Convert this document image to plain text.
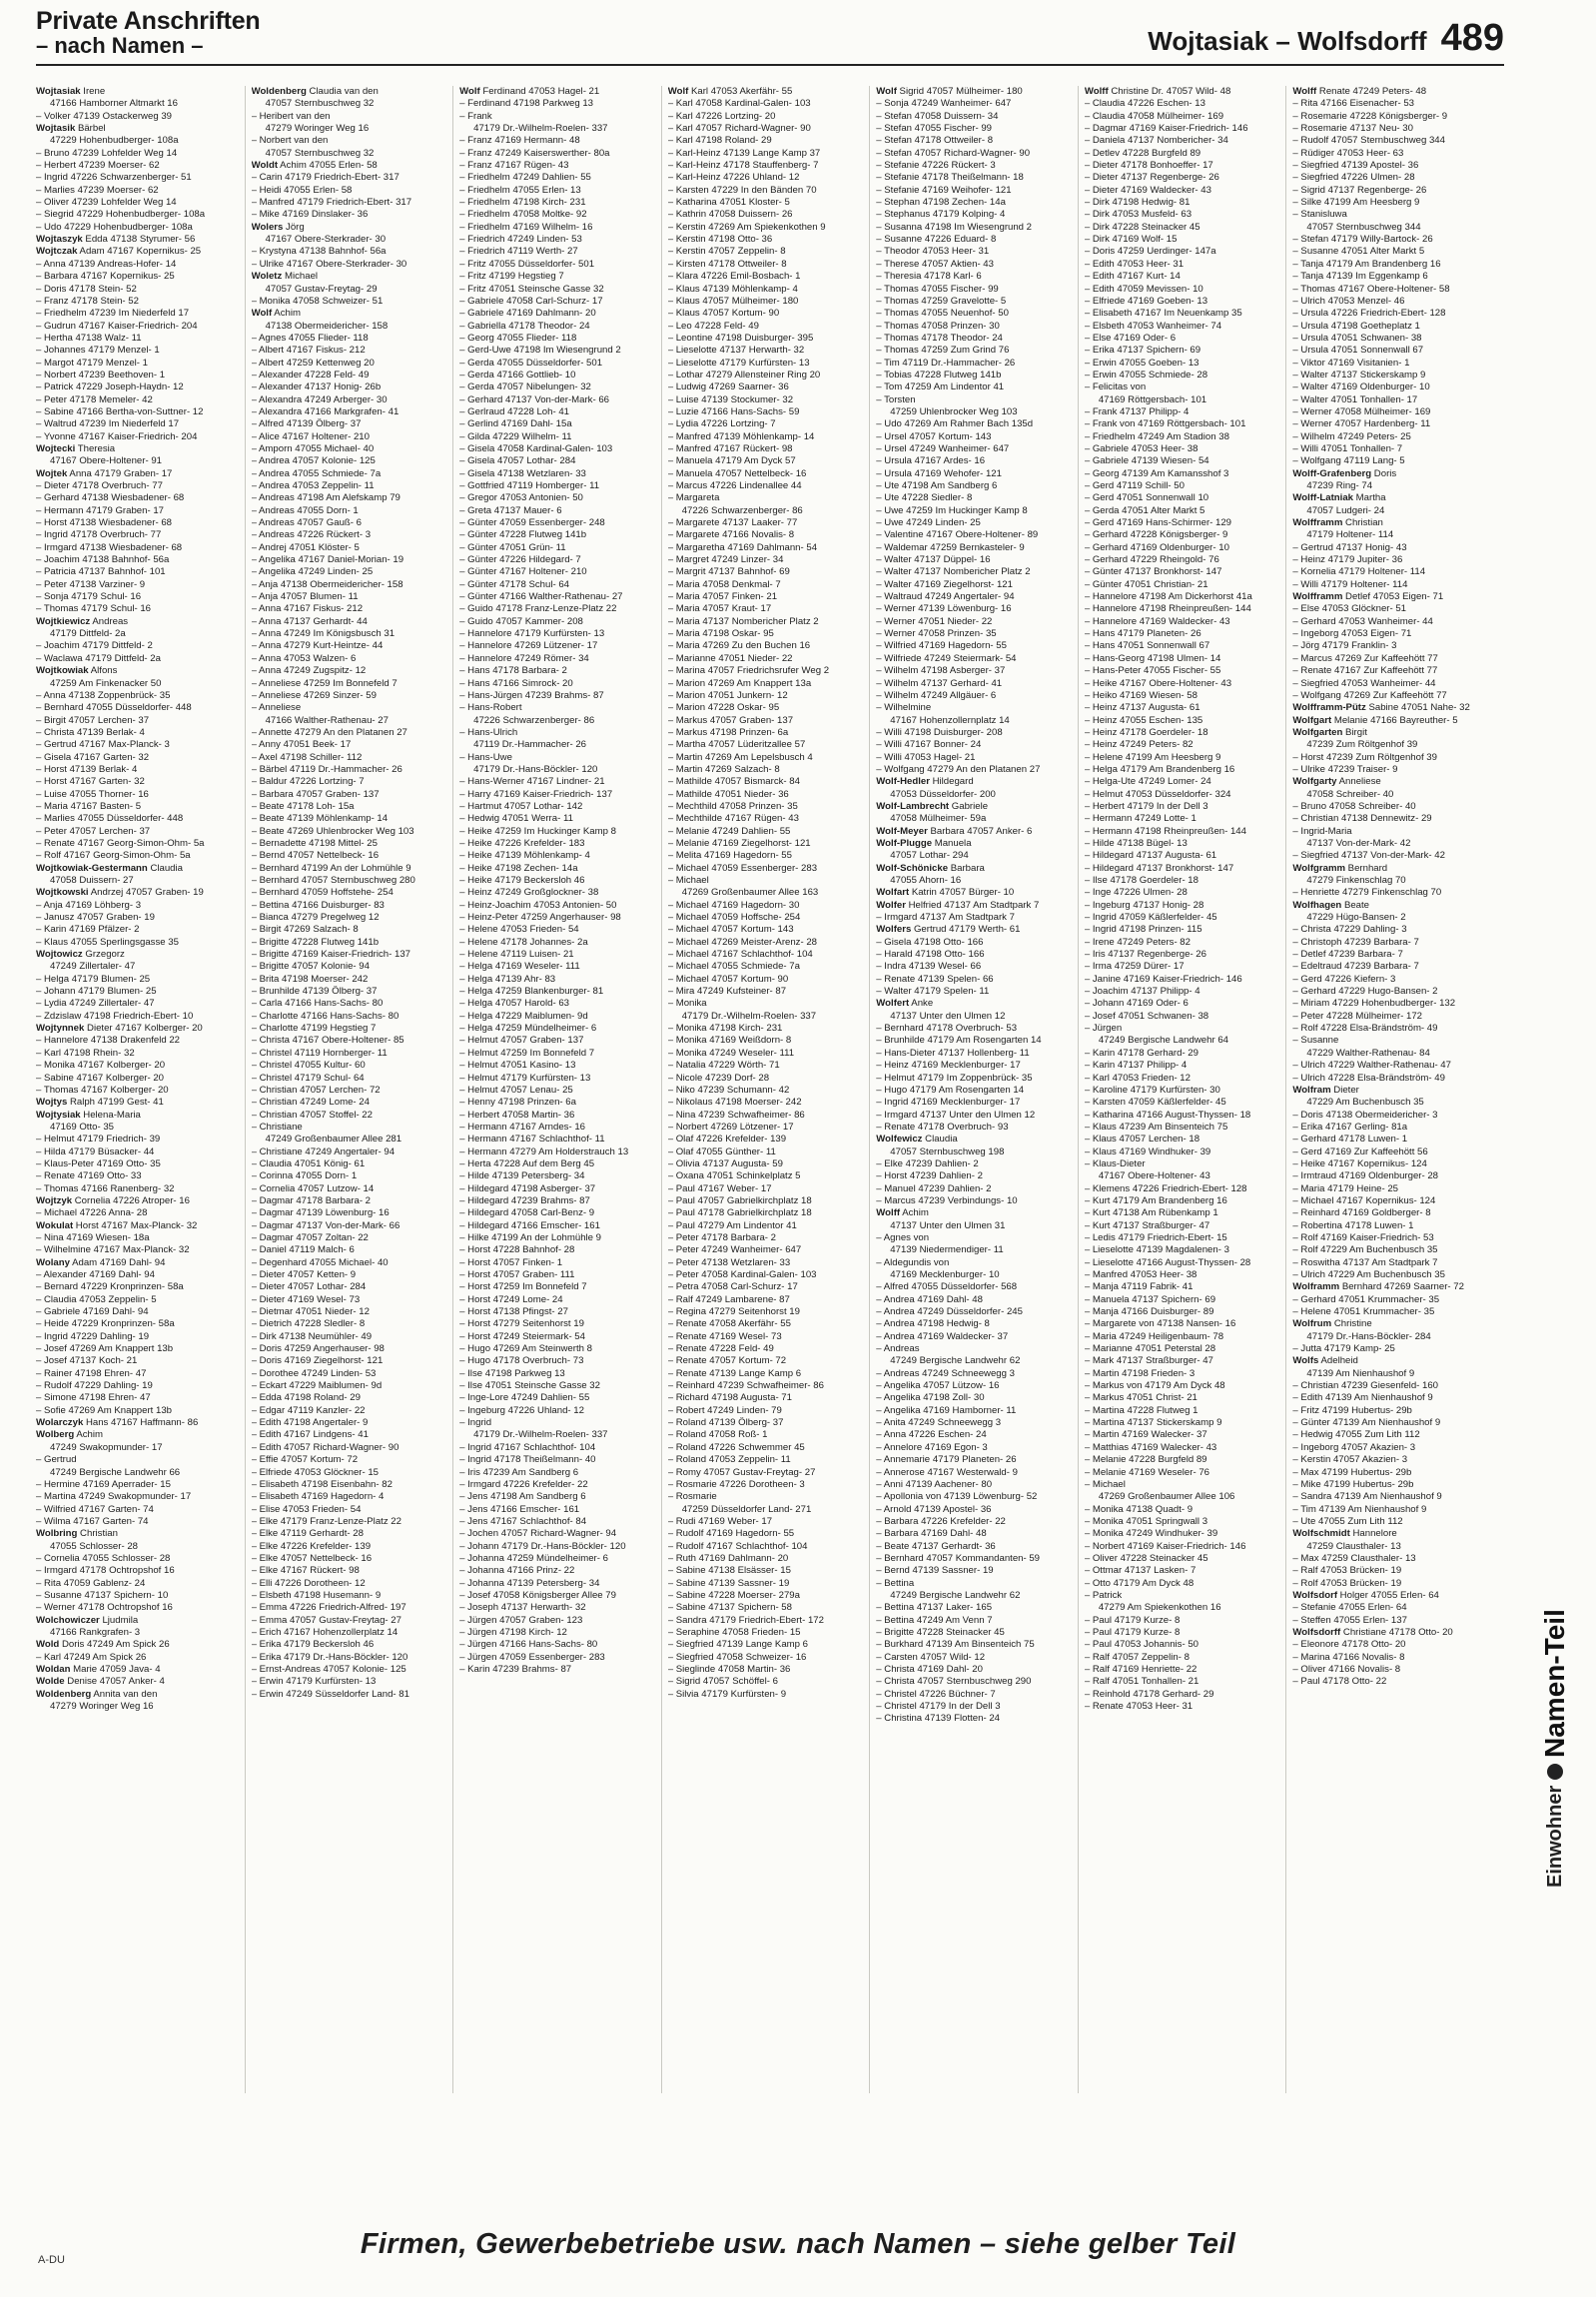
Private Anschriften
– nach Namen –	Wojtasiak – Wolfsdorff 489
Wojtasiak Irene
47166 Hamborner Altmarkt 16
– Volker 47139 Ostackerweg 39
Wojtasik Bärbel
47229 Hohenbudberger- 108a
– Bruno 47239 Lohfelder Weg 14
– Herbert 47239 Moerser- 62
– Ingrid 47226 Schwarzenberger- 51
– Marlies 47239 Moerser- 62
– Oliver 47239 Lohfelder Weg 14
– Siegrid 47229 Hohenbudberger- 108a
– Udo 47229 Hohenbudberger- 108a
Wojtaszyk Edda 47138 Styrumer- 56
Wojtczak Adam 47167 Kopernikus- 25
– Anna 47139 Andreas-Hofer- 14
– Barbara 47167 Kopernikus- 25
– Doris 47178 Stein- 52
– Franz 47178 Stein- 52
– Friedhelm 47239 Im Niederfeld 17
– Gudrun 47167 Kaiser-Friedrich- 204
– Hertha 47138 Walz- 11
– Johannes 47179 Menzel- 1
– Margot 47179 Menzel- 1
– Norbert 47239 Beethoven- 1
– Patrick 47229 Joseph-Haydn- 12
– Peter 47178 Memeler- 42
– Sabine 47166 Bertha-von-Suttner- 12
– Waltrud 47239 Im Niederfeld 17
– Yvonne 47167 Kaiser-Friedrich- 204
Wojtecki Theresia
47167 Obere-Holtener- 91
Wojtek Anna 47179 Graben- 17
– Dieter 47178 Overbruch- 77
– Gerhard 47138 Wiesbadener- 68
– Hermann 47179 Graben- 17
– Horst 47138 Wiesbadener- 68
– Ingrid 47178 Overbruch- 77
– Irmgard 47138 Wiesbadener- 68
– Joachim 47138 Bahnhof- 56a
– Patricia 47137 Bahnhof- 101
– Peter 47138 Varziner- 9
– Sonja 47179 Schul- 16
– Thomas 47179 Schul- 16
Wojtkiewicz Andreas
47179 Dittfeld- 2a
– Joachim 47179 Dittfeld- 2
– Waclawa 47179 Dittfeld- 2a
Wojtkowiak Alfons
47259 Am Finkenacker 50
– Anna 47138 Zoppenbrück- 35
– Bernhard 47055 Düsseldorfer- 448
– Birgit 47057 Lerchen- 37
– Christa 47139 Berlak- 4
– Gertrud 47167 Max-Planck- 3
– Gisela 47167 Garten- 32
– Horst 47139 Berlak- 4
– Horst 47167 Garten- 32
– Luise 47055 Thorner- 16
– Maria 47167 Basten- 5
– Marlies 47055 Düsseldorfer- 448
– Peter 47057 Lerchen- 37
– Renate 47167 Georg-Simon-Ohm- 5a
– Rolf 47167 Georg-Simon-Ohm- 5a
Wojtkowiak-Gestermann Claudia
47058 Duissern- 27
Wojtkowski Andrzej 47057 Graben- 19
– Anja 47169 Löhberg- 3
– Janusz 47057 Graben- 19
– Karin 47169 Pfälzer- 2
– Klaus 47055 Sperlingsgasse 35
Wojtowicz Grzegorz
47249 Zillertaler- 47
– Helga 47179 Blumen- 25
– Johann 47179 Blumen- 25
– Lydia 47249 Zillertaler- 47
– Zdzislaw 47198 Friedrich-Ebert- 10
Wojtynnek Dieter 47167 Kolberger- 20
– Hannelore 47138 Drakenfeld 22
– Karl 47198 Rhein- 32
– Monika 47167 Kolberger- 20
– Sabine 47167 Kolberger- 20
– Thomas 47167 Kolberger- 20
Wojtys Ralph 47199 Gest- 41
Wojtysiak Helena-Maria
47169 Otto- 35
– Helmut 47179 Friedrich- 39
– Hilda 47179 Büsacker- 44
– Klaus-Peter 47169 Otto- 35
– Renate 47169 Otto- 33
– Thomas 47166 Ranenberg- 32
Wojtzyk Cornelia 47226 Atroper- 16
– Michael 47226 Anna- 28
Wokulat Horst 47167 Max-Planck- 32
– Nina 47169 Wiesen- 18a
– Wilhelmine 47167 Max-Planck- 32
Wolany Adam 47169 Dahl- 94
– Alexander 47169 Dahl- 94
– Bernard 47229 Kronprinzen- 58a
– Claudia 47053 Zeppelin- 5
– Gabriele 47169 Dahl- 94
– Heide 47229 Kronprinzen- 58a
– Ingrid 47229 Dahling- 19
– Josef 47269 Am Knappert 13b
– Josef 47137 Koch- 21
– Rainer 47198 Ehren- 47
– Rudolf 47229 Dahling- 19
– Simone 47198 Ehren- 47
– Sofie 47269 Am Knappert 13b
Wolarczyk Hans 47167 Haffmann- 86
Wolberg Achim
47249 Swakopmunder- 17
– Gertrud
47249 Bergische Landwehr 66
– Hermine 47169 Aperrader- 15
– Martina 47249 Swakopmunder- 17
– Wilfried 47167 Garten- 74
– Wilma 47167 Garten- 74
Wolbring Christian
47055 Schlosser- 28
– Cornelia 47055 Schlosser- 28
– Irmgard 47178 Ochtropshof 16
– Rita 47059 Gablenz- 24
– Susanne 47137 Spichern- 10
– Werner 47178 Ochtropshof 16
Wolchowiczer Ljudmila
47166 Rankgrafen- 3
Wold Doris 47249 Am Spick 26
– Karl 47249 Am Spick 26
Woldan Marie 47059 Java- 4
Wolde Denise 47057 Anker- 4
Woldenberg Annita van den
47279 Woringer Weg 16
Woldenberg Claudia van den
47057 Sternbuschweg 32
– Heribert van den
47279 Woringer Weg 16
– Norbert van den
47057 Sternbuschweg 32
Woldt Achim 47055 Erlen- 58
– Carin 47179 Friedrich-Ebert- 317
– Heidi 47055 Erlen- 58
– Manfred 47179 Friedrich-Ebert- 317
– Mike 47169 Dinslaker- 36
Wolers Jörg
47167 Obere-Sterkrader- 30
– Krystyna 47138 Bahnhof- 56a
– Ulrike 47167 Obere-Sterkrader- 30
Woletz Michael
47057 Gustav-Freytag- 29
– Monika 47058 Schweizer- 51
Wolf Achim
47138 Obermeidericher- 158
– Agnes 47055 Flieder- 118
– Albert 47167 Fiskus- 212
– Albert 47259 Kettenweg 20
– Alexander 47228 Feld- 49
– Alexander 47137 Honig- 26b
– Alexandra 47249 Arberger- 30
– Alexandra 47166 Markgrafen- 41
– Alfred 47139 Ölberg- 37
– Alice 47167 Holtener- 210
– Amporn 47055 Michael- 40
– Andrea 47057 Kolonie- 125
– Andrea 47055 Schmiede- 7a
– Andrea 47053 Zeppelin- 11
– Andreas 47198 Am Alefskamp 79
– Andreas 47055 Dorn- 1
– Andreas 47057 Gauß- 6
– Andreas 47226 Rückert- 3
– Andrej 47051 Klöster- 5
– Angelika 47167 Daniel-Morian- 19
– Angelika 47249 Linden- 25
– Anja 47138 Obermeidericher- 158
– Anja 47057 Blumen- 11
– Anna 47167 Fiskus- 212
– Anna 47137 Gerhardt- 44
– Anna 47249 Im Königsbusch 31
– Anna 47279 Kurt-Heintze- 44
– Anna 47053 Walzen- 6
– Anna 47249 Zugspitz- 12
– Anneliese 47259 Im Bonnefeld 7
– Anneliese 47269 Sinzer- 59
– Anneliese
47166 Walther-Rathenau- 27
– Annette 47279 An den Platanen 27
– Anny 47051 Beek- 17
– Axel 47198 Schiller- 112
– Bärbel 47119 Dr.-Hammacher- 26
– Baldur 47226 Lortzing- 7
– Barbara 47057 Graben- 137
– Beate 47178 Loh- 15a
– Beate 47139 Möhlenkamp- 14
– Beate 47269 Uhlenbrocker Weg 103
– Bernadette 47198 Mittel- 25
– Bernd 47057 Nettelbeck- 16
– Bernhard 47199 An der Lohmühle 9
– Bernhard 47057 Sternbuschweg 280
– Bernhard 47059 Hoffstehe- 254
– Bettina 47166 Duisburger- 83
– Bianca 47279 Pregelweg 12
– Birgit 47269 Salzach- 8
– Brigitte 47228 Flutweg 141b
– Brigitte 47169 Kaiser-Friedrich- 137
– Brigitte 47057 Kolonie- 94
– Brita 47198 Moerser- 242
– Brunhilde 47139 Ölberg- 37
– Carla 47166 Hans-Sachs- 80
– Charlotte 47166 Hans-Sachs- 80
– Charlotte 47199 Hegstieg 7
– Christa 47167 Obere-Holtener- 85
– Christel 47119 Hornberger- 11
– Christel 47055 Kultur- 60
– Christel 47179 Schul- 64
– Christian 47057 Lerchen- 72
– Christian 47249 Lome- 24
– Christian 47057 Stoffel- 22
– Christiane
47249 Großenbaumer Allee 281
– Christiane 47249 Angertaler- 94
– Claudia 47051 König- 61
– Corinna 47055 Dorn- 1
– Cornelia 47057 Lutzow- 14
– Dagmar 47178 Barbara- 2
– Dagmar 47139 Löwenburg- 16
– Dagmar 47137 Von-der-Mark- 66
– Dagmar 47057 Zoltan- 22
– Daniel 47119 Malch- 6
– Degenhard 47055 Michael- 40
– Dieter 47057 Ketten- 9
– Dieter 47057 Lothar- 284
– Dieter 47169 Wesel- 73
– Dietmar 47051 Nieder- 12
– Dietrich 47228 Sledler- 8
– Dirk 47138 Neumühler- 49
– Doris 47259 Angerhauser- 98
– Doris 47169 Ziegelhorst- 121
– Dorothee 47249 Linden- 53
– Eckart 47229 Maiblumen- 9d
– Edda 47198 Roland- 29
– Edgar 47119 Kanzler- 22
– Edith 47198 Angertaler- 9
– Edith 47167 Lindgens- 41
– Edith 47057 Richard-Wagner- 90
– Effie 47057 Kortum- 72
– Elfriede 47053 Glöckner- 15
– Elisabeth 47198 Eisenbahn- 82
– Elisabeth 47169 Hagedorn- 4
– Elise 47053 Frieden- 54
– Elke 47179 Franz-Lenze-Platz 22
– Elke 47119 Gerhardt- 28
– Elke 47226 Krefelder- 139
– Elke 47057 Nettelbeck- 16
– Elke 47167 Rückert- 98
– Elli 47226 Dorotheen- 12
– Elsbeth 47198 Husemann- 9
– Emma 47226 Friedrich-Alfred- 197
– Emma 47057 Gustav-Freytag- 27
– Erich 47167 Hohenzollerplatz 14
– Erika 47179 Beckersloh 46
– Erika 47179 Dr.-Hans-Böckler- 120
– Ernst-Andreas 47057 Kolonie- 125
– Erwin 47179 Kurfürsten- 13
– Erwin 47249 Süsseldorfer Land- 81
Wolf Ferdinand 47053 Hagel- 21
– Ferdinand 47198 Parkweg 13
– Frank
47179 Dr.-Wilhelm-Roelen- 337
– Franz 47169 Hermann- 48
– Franz 47249 Kaiserswerther- 80a
– Franz 47167 Rügen- 43
– Friedhelm 47249 Dahlien- 55
– Friedhelm 47055 Erlen- 13
– Friedhelm 47198 Kirch- 231
– Friedhelm 47058 Moltke- 92
– Friedhelm 47169 Wilhelm- 16
– Friedrich 47249 Linden- 53
– Friedrich 47119 Werth- 27
– Fritz 47055 Düsseldorfer- 501
– Fritz 47199 Hegstieg 7
– Fritz 47051 Steinsche Gasse 32
– Gabriele 47058 Carl-Schurz- 17
– Gabriele 47169 Dahlmann- 20
– Gabriella 47178 Theodor- 24
– Georg 47055 Flieder- 118
– Gerd-Uwe 47198 Im Wiesengrund 2
– Gerda 47055 Düsseldorfer- 501
– Gerda 47166 Gottlieb- 10
– Gerda 47057 Nibelungen- 32
– Gerhard 47137 Von-der-Mark- 66
– Gerlraud 47228 Loh- 41
– Gerlind 47169 Dahl- 15a
– Gilda 47229 Wilhelm- 11
– Gisela 47058 Kardinal-Galen- 103
– Gisela 47057 Lothar- 284
– Gisela 47138 Wetzlaren- 33
– Gottfried 47119 Homberger- 11
– Gregor 47053 Antonien- 50
– Greta 47137 Mauer- 6
– Günter 47059 Essenberger- 248
– Günter 47228 Flutweg 141b
– Günter 47051 Grün- 11
– Günter 47226 Hildegard- 7
– Günter 47167 Holtener- 210
– Günter 47178 Schul- 64
– Günter 47166 Walther-Rathenau- 27
– Guido 47178 Franz-Lenze-Platz 22
– Guido 47057 Kammer- 208
– Hannelore 47179 Kurfürsten- 13
– Hannelore 47269 Lützener- 17
– Hannelore 47249 Römer- 34
– Hans 47178 Barbara- 2
– Hans 47166 Simrock- 20
– Hans-Jürgen 47239 Brahms- 87
– Hans-Robert
47226 Schwarzenberger- 86
– Hans-Ulrich
47119 Dr.-Hammacher- 26
– Hans-Uwe
47179 Dr.-Hans-Böckler- 120
– Hans-Werner 47167 Lindner- 21
– Harry 47169 Kaiser-Friedrich- 137
– Hartmut 47057 Lothar- 142
– Hedwig 47051 Werra- 11
– Heike 47259 Im Huckinger Kamp 8
– Heike 47226 Krefelder- 183
– Heike 47139 Möhlenkamp- 4
– Heike 47198 Zechen- 14a
– Heike 47179 Beckersloh 46
– Heinz 47249 Großglockner- 38
– Heinz-Joachim 47053 Antonien- 50
– Heinz-Peter 47259 Angerhauser- 98
– Helene 47053 Frieden- 54
– Helene 47178 Johannes- 2a
– Helene 47119 Luisen- 21
– Helga 47169 Weseler- 111
– Helga 47139 Ahr- 83
– Helga 47259 Blankenburger- 81
– Helga 47057 Harold- 63
– Helga 47229 Maiblumen- 9d
– Helga 47259 Mündelheimer- 6
– Helmut 47057 Graben- 137
– Helmut 47259 Im Bonnefeld 7
– Helmut 47051 Kasino- 13
– Helmut 47179 Kurfürsten- 13
– Helmut 47057 Lenau- 25
– Henny 47198 Prinzen- 6a
– Herbert 47058 Martin- 36
– Hermann 47167 Arndes- 16
– Hermann 47167 Schlachthof- 11
– Hermann 47279 Am Holderstrauch 13
– Herta 47228 Auf dem Berg 45
– Hilde 47139 Petersberg- 34
– Hildegard 47198 Asberger- 37
– Hildegard 47239 Brahms- 87
– Hildegard 47058 Carl-Benz- 9
– Hildegard 47166 Emscher- 161
– Hilke 47199 An der Lohmühle 9
– Horst 47228 Bahnhof- 28
– Horst 47057 Finken- 1
– Horst 47057 Graben- 111
– Horst 47259 Im Bonnefeld 7
– Horst 47249 Lome- 24
– Horst 47138 Pfingst- 27
– Horst 47279 Seitenhorst 19
– Horst 47249 Steiermark- 54
– Hugo 47269 Am Steinwerth 8
– Hugo 47178 Overbruch- 73
– Ilse 47198 Parkweg 13
– Ilse 47051 Steinsche Gasse 32
– Inge-Lore 47249 Dahlien- 55
– Ingeburg 47226 Uhland- 12
– Ingrid
47179 Dr.-Wilhelm-Roelen- 337
– Ingrid 47167 Schlachthof- 104
– Ingrid 47178 Theißelmann- 40
– Iris 47239 Am Sandberg 6
– Irmgard 47226 Krefelder- 22
– Jens 47198 Am Sandberg 6
– Jens 47166 Emscher- 161
– Jens 47167 Schlachthof- 84
– Jochen 47057 Richard-Wagner- 94
– Johann 47179 Dr.-Hans-Böckler- 120
– Johanna 47259 Mündelheimer- 6
– Johanna 47166 Prinz- 22
– Johanna 47139 Petersberg- 34
– Josef 47058 Königsberger Allee 79
– Joseph 47137 Herwarth- 32
– Jürgen 47057 Graben- 123
– Jürgen 47198 Kirch- 12
– Jürgen 47166 Hans-Sachs- 80
– Jürgen 47059 Essenberger- 283
– Karin 47239 Brahms- 87
Wolf Karl 47053 Akerfähr- 55
– Karl 47058 Kardinal-Galen- 103
– Karl 47226 Lortzing- 20
– Karl 47057 Richard-Wagner- 90
– Karl 47198 Roland- 29
– Karl-Heinz 47139 Lange Kamp 37
– Karl-Heinz 47178 Stauffenberg- 7
– Karl-Heinz 47226 Uhland- 12
– Karsten 47229 In den Bänden 70
– Katharina 47051 Kloster- 5
– Kathrin 47058 Duissern- 26
– Kerstin 47269 Am Spiekenkothen 9
– Kerstin 47198 Otto- 36
– Kerstin 47057 Zeppelin- 8
– Kirsten 47178 Ottweiler- 8
– Klara 47226 Emil-Bosbach- 1
– Klaus 47139 Möhlenkamp- 4
– Klaus 47057 Mülheimer- 180
– Klaus 47057 Kortum- 90
– Leo 47228 Feld- 49
– Leontine 47198 Duisburger- 395
– Lieselotte 47137 Herwarth- 32
– Lieselotte 47179 Kurfürsten- 13
– Lothar 47279 Allensteiner Ring 20
– Ludwig 47269 Saarner- 36
– Luise 47139 Stockumer- 32
– Luzie 47166 Hans-Sachs- 59
– Lydia 47226 Lortzing- 7
– Manfred 47139 Möhlenkamp- 14
– Manfred 47167 Rückert- 98
– Manuela 47179 Am Dyck 57
– Manuela 47057 Nettelbeck- 16
– Marcus 47226 Lindenallee 44
– Margareta
47226 Schwarzenberger- 86
– Margarete 47137 Laaker- 77
– Margarete 47166 Novalis- 8
– Margaretha 47169 Dahlmann- 54
– Margret 47249 Linzer- 34
– Margrit 47137 Bahnhof- 69
– Maria 47058 Denkmal- 7
– Maria 47057 Finken- 21
– Maria 47057 Kraut- 17
– Maria 47137 Nombericher Platz 2
– Maria 47198 Oskar- 95
– Maria 47269 Zu den Buchen 16
– Marianne 47051 Nieder- 22
– Marina 47057 Friedrichsrufer Weg 2
– Marion 47269 Am Knappert 13a
– Marion 47051 Junkern- 12
– Marion 47228 Oskar- 95
– Markus 47057 Graben- 137
– Markus 47198 Prinzen- 6a
– Martha 47057 Lüderitzallee 57
– Martin 47269 Am Lepelsbusch 4
– Martin 47269 Salzach- 8
– Mathilde 47057 Bismarck- 84
– Mathilde 47051 Nieder- 36
– Mechthild 47058 Prinzen- 35
– Mechthilde 47167 Rügen- 43
– Melanie 47249 Dahlien- 55
– Melanie 47169 Ziegelhorst- 121
– Melita 47169 Hagedorn- 55
– Michael 47059 Essenberger- 283
– Michael
47269 Großenbaumer Allee 163
– Michael 47169 Hagedorn- 30
– Michael 47059 Hoffsche- 254
– Michael 47057 Kortum- 143
– Michael 47269 Meister-Arenz- 28
– Michael 47167 Schlachthof- 104
– Michael 47055 Schmiede- 7a
– Michael 47057 Kortum- 90
– Mira 47249 Kufsteiner- 87
– Monika
47179 Dr.-Wilhelm-Roelen- 337
– Monika 47198 Kirch- 231
– Monika 47169 Weißdorn- 8
– Monika 47249 Weseler- 111
– Natalia 47229 Wörth- 71
– Nicole 47239 Dorf- 28
– Niko 47239 Schumann- 42
– Nikolaus 47198 Moerser- 242
– Nina 47239 Schwafheimer- 86
– Norbert 47269 Lötzener- 17
– Olaf 47226 Krefelder- 139
– Olaf 47055 Günther- 11
– Olivia 47137 Augusta- 59
– Oxana 47051 Schinkelplatz 5
– Paul 47167 Weber- 17
– Paul 47057 Gabrielkirchplatz 18
– Paul 47178 Gabrielkirchplatz 18
– Paul 47279 Am Lindentor 41
– Peter 47178 Barbara- 2
– Peter 47249 Wanheimer- 647
– Peter 47138 Wetzlaren- 33
– Peter 47058 Kardinal-Galen- 103
– Petra 47058 Carl-Schurz- 17
– Ralf 47249 Lambarene- 87
– Regina 47279 Seitenhorst 19
– Renate 47058 Akerfähr- 55
– Renate 47169 Wesel- 73
– Renate 47228 Feld- 49
– Renate 47057 Kortum- 72
– Renate 47139 Lange Kamp 6
– Reinhard 47239 Schwafheimer- 86
– Richard 47198 Augusta- 71
– Robert 47249 Linden- 79
– Roland 47139 Ölberg- 37
– Roland 47058 Roß- 1
– Roland 47226 Schwemmer 45
– Roland 47053 Zeppelin- 11
– Romy 47057 Gustav-Freytag- 27
– Rosmarie 47226 Dorotheen- 3
– Rosmarie
47259 Düsseldorfer Land- 271
– Rudi 47169 Weber- 17
– Rudolf 47169 Hagedorn- 55
– Rudolf 47167 Schlachthof- 104
– Ruth 47169 Dahlmann- 20
– Sabine 47138 Elsässer- 15
– Sabine 47139 Sassner- 19
– Sabine 47228 Moerser- 279a
– Sabine 47137 Spichern- 58
– Sandra 47179 Friedrich-Ebert- 172
– Seraphine 47058 Frieden- 15
– Siegfried 47139 Lange Kamp 6
– Siegfried 47058 Schweizer- 16
– Sieglinde 47058 Martin- 36
– Sigrid 47057 Schöffel- 6
– Silvia 47179 Kurfürsten- 9
Wolf Sigrid 47057 Mülheimer- 180
– Sonja 47249 Wanheimer- 647
– Stefan 47058 Duissern- 34
– Stefan 47055 Fischer- 99
– Stefan 47178 Ottweiler- 8
– Stefan 47057 Richard-Wagner- 90
– Stefanie 47226 Rückert- 3
– Stefanie 47178 Theißelmann- 18
– Stefanie 47169 Weihofer- 121
– Stephan 47198 Zechen- 14a
– Stephanus 47179 Kolping- 4
– Susanna 47198 Im Wiesengrund 2
– Susanne 47226 Eduard- 8
– Theodor 47053 Heer- 31
– Therese 47057 Aktien- 43
– Theresia 47178 Karl- 6
– Thomas 47055 Fischer- 99
– Thomas 47259 Gravelotte- 5
– Thomas 47055 Neuenhof- 50
– Thomas 47058 Prinzen- 30
– Thomas 47178 Theodor- 24
– Thomas 47259 Zum Grind 76
– Tim 47119 Dr.-Hammacher- 26
– Tobias 47228 Flutweg 141b
– Tom 47259 Am Lindentor 41
– Torsten
47259 Uhlenbrocker Weg 103
– Udo 47269 Am Rahmer Bach 135d
– Ursel 47057 Kortum- 143
– Ursel 47249 Wanheimer- 647
– Ursula 47167 Ardes- 16
– Ursula 47169 Wehofer- 121
– Ute 47198 Am Sandberg 6
– Ute 47228 Siedler- 8
– Uwe 47259 Im Huckinger Kamp 8
– Uwe 47249 Linden- 25
– Valentine 47167 Obere-Holtener- 89
– Waldemar 47259 Bernkasteler- 9
– Walter 47137 Düppel- 16
– Walter 47137 Nombericher Platz 2
– Walter 47169 Ziegelhorst- 121
– Waltraud 47249 Angertaler- 94
– Werner 47139 Löwenburg- 16
– Werner 47051 Nieder- 22
– Werner 47058 Prinzen- 35
– Wilfried 47169 Hagedorn- 55
– Wilfriede 47249 Steiermark- 54
– Wilhelm 47198 Asberger- 37
– Wilhelm 47137 Gerhard- 41
– Wilhelm 47249 Allgäuer- 6
– Wilhelmine
47167 Hohenzollernplatz 14
– Willi 47198 Duisburger- 208
– Willi 47167 Bonner- 24
– Willi 47053 Hagel- 21
– Wolfgang 47279 An den Platanen 27
Wolf-Hedler Hildegard
47053 Düsseldorfer- 200
Wolf-Lambrecht Gabriele
47058 Mülheimer- 59a
Wolf-Meyer Barbara 47057 Anker- 6
Wolf-Plugge Manuela
47057 Lothar- 294
Wolf-Schönicke Barbara
47055 Ahorn- 16
Wolfart Katrin 47057 Bürger- 10
Wolfer Helfried 47137 Am Stadtpark 7
– Irmgard 47137 Am Stadtpark 7
Wolfers Gertrud 47179 Werth- 61
– Gisela 47198 Otto- 166
– Harald 47198 Otto- 166
– Indra 47139 Wesel- 66
– Renate 47139 Spelen- 66
– Walter 47179 Spelen- 11
Wolfert Anke
47137 Unter den Ulmen 12
– Bernhard 47178 Overbruch- 53
– Brunhilde 47179 Am Rosengarten 14
– Hans-Dieter 47137 Hollenberg- 11
– Heinz 47169 Mecklenburger- 17
– Helmut 47179 Im Zoppenbrück- 35
– Hugo 47179 Am Rosengarten 14
– Ingrid 47169 Mecklenburger- 17
– Irmgard 47137 Unter den Ulmen 12
– Renate 47178 Overbruch- 93
Wolfewicz Claudia
47057 Sternbuschweg 198
– Elke 47239 Dahlien- 2
– Horst 47239 Dahlien- 2
– Manuel 47239 Dahlien- 2
– Marcus 47239 Verbindungs- 10
Wolff Achim
47137 Unter den Ulmen 31
– Agnes von
47139 Niedermendiger- 11
– Aldegundis von
47169 Mecklenburger- 10
– Alfred 47055 Düsseldorfer- 568
– Andrea 47169 Dahl- 48
– Andrea 47249 Düsseldorfer- 245
– Andrea 47198 Hedwig- 8
– Andrea 47169 Waldecker- 37
– Andreas
47249 Bergische Landwehr 62
– Andreas 47249 Schneewegg 3
– Angelika 47057 Lützow- 16
– Angelika 47198 Zoll- 30
– Angelika 47169 Hamborner- 11
– Anita 47249 Schneewegg 3
– Anna 47226 Eschen- 24
– Annelore 47169 Egon- 3
– Annemarie 47179 Planeten- 26
– Annerose 47167 Westerwald- 9
– Anni 47139 Aachener- 80
– Apollonia von 47139 Löwenburg- 52
– Arnold 47139 Apostel- 36
– Barbara 47226 Krefelder- 22
– Barbara 47169 Dahl- 48
– Beate 47137 Gerhardt- 36
– Bernhard 47057 Kommandanten- 59
– Bernd 47139 Sassner- 19
– Bettina
47249 Bergische Landwehr 62
– Bettina 47137 Laker- 165
– Bettina 47249 Am Venn 7
– Brigitte 47228 Steinacker 45
– Burkhard 47139 Am Binsenteich 75
– Carsten 47057 Wild- 12
– Christa 47169 Dahl- 20
– Christa 47057 Sternbuschweg 290
– Christel 47226 Büchner- 7
– Christel 47179 In der Dell 3
– Christina 47139 Flotten- 24
Wolff Christine Dr. 47057 Wild- 48
– Claudia 47226 Eschen- 13
– Claudia 47058 Mülheimer- 169
– Dagmar 47169 Kaiser-Friedrich- 146
– Daniela 47137 Nombericher- 34
– Detlev 47228 Burgfeld 89
– Dieter 47178 Bonhoeffer- 17
– Dieter 47137 Regenberge- 26
– Dieter 47169 Waldecker- 43
– Dirk 47198 Hedwig- 81
– Dirk 47053 Musfeld- 63
– Dirk 47228 Steinacker 45
– Dirk 47169 Wolf- 15
– Doris 47259 Uerdinger- 147a
– Edith 47053 Heer- 31
– Edith 47167 Kurt- 14
– Edith 47059 Mevissen- 10
– Elfriede 47169 Goeben- 13
– Elisabeth 47167 Im Neuenkamp 35
– Elsbeth 47053 Wanheimer- 74
– Else 47169 Oder- 6
– Erika 47137 Spichern- 69
– Erwin 47055 Goeben- 13
– Erwin 47055 Schmiede- 28
– Felicitas von
47169 Röttgersbach- 101
– Frank 47137 Philipp- 4
– Frank von 47169 Röttgersbach- 101
– Friedhelm 47249 Am Stadion 38
– Gabriele 47053 Heer- 38
– Gabriele 47139 Wiesen- 54
– Georg 47139 Am Kamansshof 3
– Gerd 47119 Schill- 50
– Gerd 47051 Sonnenwall 10
– Gerda 47051 Alter Markt 5
– Gerd 47169 Hans-Schirmer- 129
– Gerhard 47228 Königsberger- 9
– Gerhard 47169 Oldenburger- 10
– Gerhard 47229 Rheingold- 76
– Günter 47137 Bronkhorst- 147
– Günter 47051 Christian- 21
– Hannelore 47198 Am Dickerhorst 41a
– Hannelore 47198 Rheinpreußen- 144
– Hannelore 47169 Waldecker- 43
– Hans 47179 Planeten- 26
– Hans 47051 Sonnenwall 67
– Hans-Georg 47198 Ulmen- 14
– Hans-Peter 47055 Fischer- 55
– Heike 47167 Obere-Holtener- 43
– Heiko 47169 Wiesen- 58
– Heinz 47137 Augusta- 61
– Heinz 47055 Eschen- 135
– Heinz 47178 Goerdeler- 18
– Heinz 47249 Peters- 82
– Helene 47199 Am Heesberg 9
– Helga 47179 Am Brandenberg 16
– Helga-Ute 47249 Lomer- 24
– Helmut 47053 Düsseldorfer- 324
– Herbert 47179 In der Dell 3
– Hermann 47249 Lotte- 1
– Hermann 47198 Rheinpreußen- 144
– Hilde 47138 Bügel- 13
– Hildegard 47137 Augusta- 61
– Hildegard 47137 Bronkhorst- 147
– Ilse 47178 Goerdeler- 18
– Inge 47226 Ulmen- 28
– Ingeburg 47137 Honig- 28
– Ingrid 47059 Käßlerfelder- 45
– Ingrid 47198 Prinzen- 115
– Irene 47249 Peters- 82
– Iris 47137 Regenberge- 26
– Irma 47259 Dürer- 17
– Janine 47169 Kaiser-Friedrich- 146
– Joachim 47137 Philipp- 4
– Johann 47169 Oder- 6
– Josef 47051 Schwanen- 38
– Jürgen
47249 Bergische Landwehr 64
– Karin 47178 Gerhard- 29
– Karin 47137 Philipp- 4
– Karl 47053 Frieden- 12
– Karoline 47179 Kurfürsten- 30
– Karsten 47059 Käßlerfelder- 45
– Katharina 47166 August-Thyssen- 18
– Klaus 47239 Am Binsenteich 75
– Klaus 47057 Lerchen- 18
– Klaus 47169 Windhuker- 39
– Klaus-Dieter
47167 Obere-Holtener- 43
– Klemens 47226 Friedrich-Ebert- 128
– Kurt 47179 Am Brandenberg 16
– Kurt 47138 Am Rübenkamp 1
– Kurt 47137 Straßburger- 47
– Ledis 47179 Friedrich-Ebert- 15
– Lieselotte 47139 Magdalenen- 3
– Lieselotte 47166 August-Thyssen- 28
– Manfred 47053 Heer- 38
– Manja 47119 Fabrik- 41
– Manuela 47137 Spichern- 69
– Manja 47166 Duisburger- 89
– Margarete von 47138 Nansen- 16
– Maria 47249 Heiligenbaum- 78
– Marianne 47051 Peterstal 28
– Mark 47137 Straßburger- 47
– Martin 47198 Frieden- 3
– Markus von 47179 Am Dyck 48
– Markus 47051 Christ- 21
– Martina 47228 Flutweg 1
– Martina 47137 Stickerskamp 9
– Martin 47169 Walecker- 37
– Matthias 47169 Walecker- 43
– Melanie 47228 Burgfeld 89
– Melanie 47169 Weseler- 76
– Michael
47269 Großenbaumer Allee 106
– Monika 47138 Quadt- 9
– Monika 47051 Springwall 3
– Monika 47249 Windhuker- 39
– Norbert 47169 Kaiser-Friedrich- 146
– Oliver 47228 Steinacker 45
– Ottmar 47137 Lasken- 7
– Otto 47179 Am Dyck 48
– Patrick
47279 Am Spiekenkothen 16
– Paul 47179 Kurze- 8
– Paul 47179 Kurze- 8
– Paul 47053 Johannis- 50
– Ralf 47057 Zeppelin- 8
– Ralf 47169 Henriette- 22
– Ralf 47051 Tonhallen- 21
– Reinhold 47178 Gerhard- 29
– Renate 47053 Heer- 31
Wolff Renate 47249 Peters- 48
– Rita 47166 Eisenacher- 53
– Rosemarie 47228 Königsberger- 9
– Rosemarie 47137 Neu- 30
– Rudolf 47057 Sternbuschweg 344
– Rüdiger 47053 Heer- 63
– Siegfried 47139 Apostel- 36
– Siegfried 47226 Ulmen- 28
– Sigrid 47137 Regenberge- 26
– Silke 47199 Am Heesberg 9
– Stanisluwa
47057 Sternbuschweg 344
– Stefan 47179 Willy-Bartock- 26
– Susanne 47051 Alter Markt 5
– Tanja 47179 Am Brandenberg 16
– Tanja 47139 Im Eggenkamp 6
– Thomas 47167 Obere-Holtener- 58
– Ulrich 47053 Menzel- 46
– Ursula 47226 Friedrich-Ebert- 128
– Ursula 47198 Goetheplatz 1
– Ursula 47051 Schwanen- 38
– Ursula 47051 Sonnenwall 67
– Viktor 47169 Visitanien- 1
– Walter 47137 Stickerskamp 9
– Walter 47169 Oldenburger- 10
– Walter 47051 Tonhallen- 17
– Werner 47058 Mülheimer- 169
– Werner 47057 Hardenberg- 11
– Wilhelm 47249 Peters- 25
– Willi 47051 Tonhallen- 7
– Wolfgang 47119 Lang- 5
Wolff-Grafenberg Doris
47239 Ring- 74
Wolff-Latniak Martha
47057 Ludgeri- 24
Wolfframm Christian
47179 Holtener- 114
– Gertrud 47137 Honig- 43
– Heinz 47179 Jupiter- 36
– Kornelia 47179 Holtener- 114
– Willi 47179 Holtener- 114
Wolfframm Detlef 47053 Eigen- 71
– Else 47053 Glöckner- 51
– Gerhard 47053 Wanheimer- 44
– Ingeborg 47053 Eigen- 71
– Jörg 47179 Franklin- 3
– Marcus 47269 Zur Kaffeehött 77
– Renate 47167 Zur Kaffeehött 77
– Siegfried 47053 Wanheimer- 44
– Wolfgang 47269 Zur Kaffeehött 77
Wolfframm-Pütz Sabine 47051 Nahe- 32
Wolfgart Melanie 47166 Bayreuther- 5
Wolfgarten Birgit
47239 Zum Röltgenhof 39
– Horst 47239 Zum Röltgenhof 39
– Ulrike 47239 Traiser- 9
Wolfgarty Anneliese
47058 Schreiber- 40
– Bruno 47058 Schreiber- 40
– Christian 47138 Dennewitz- 29
– Ingrid-Maria
47137 Von-der-Mark- 42
– Siegfried 47137 Von-der-Mark- 42
Wolfgramm Bernhard
47279 Finkenschlag 70
– Henriette 47279 Finkenschlag 70
Wolfhagen Beate
47229 Hügo-Bansen- 2
– Christa 47229 Dahling- 3
– Christoph 47239 Barbara- 7
– Detlef 47239 Barbara- 7
– Edeltraud 47239 Barbara- 7
– Gerd 47226 Kiefern- 3
– Gerhard 47229 Hugo-Bansen- 2
– Miriam 47229 Hohenbudberger- 132
– Peter 47228 Mülheimer- 172
– Rolf 47228 Elsa-Brändström- 49
– Susanne
47229 Walther-Rathenau- 84
– Ulrich 47229 Walther-Rathenau- 47
– Ulrich 47228 Elsa-Brändström- 49
Wolfram Dieter
47229 Am Buchenbusch 35
– Doris 47138 Obermeidericher- 3
– Erika 47167 Gerling- 81a
– Gerhard 47178 Luwen- 1
– Gerd 47169 Zur Kaffeehött 56
– Heike 47167 Kopernikus- 124
– Irmtraud 47169 Oldenburger- 28
– Maria 47179 Heine- 25
– Michael 47167 Kopernikus- 124
– Reinhard 47169 Goldberger- 8
– Robertina 47178 Luwen- 1
– Rolf 47169 Kaiser-Friedrich- 53
– Rolf 47229 Am Buchenbusch 35
– Roswitha 47137 Am Stadtpark 7
– Ulrich 47229 Am Buchenbusch 35
Wolframm Bernhard 47269 Saarner- 72
– Gerhard 47051 Krummacher- 35
– Helene 47051 Krummacher- 35
Wolfrum Christine
47179 Dr.-Hans-Böckler- 284
– Jutta 47179 Kamp- 25
Wolfs Adelheid
47139 Am Nienhaushof 9
– Christian 47239 Giesenfeld- 160
– Edith 47139 Am Nienhaushof 9
– Fritz 47199 Hubertus- 29b
– Günter 47139 Am Nienhaushof 9
– Hedwig 47055 Zum Lith 112
– Ingeborg 47057 Akazien- 3
– Kerstin 47057 Akazien- 3
– Max 47199 Hubertus- 29b
– Mike 47199 Hubertus- 29b
– Sandra 47139 Am Nienhaushof 9
– Tim 47139 Am Nienhaushof 9
– Ute 47055 Zum Lith 112
Wolfschmidt Hannelore
47259 Clausthaler- 13
– Max 47259 Clausthaler- 13
– Ralf 47053 Brücken- 19
– Rolf 47053 Brücken- 19
Wolfsdorf Holger 47055 Erlen- 64
– Stefanie 47055 Erlen- 64
– Steffen 47055 Erlen- 137
Wolfsdorff Christiane 47178 Otto- 20
– Eleonore 47178 Otto- 20
– Marina 47166 Novalis- 8
– Oliver 47166 Novalis- 8
– Paul 47178 Otto- 22
Einwohner
Namen-Teil
A-DU	Firmen, Gewerbebetriebe usw. nach Namen – siehe gelber Teil
